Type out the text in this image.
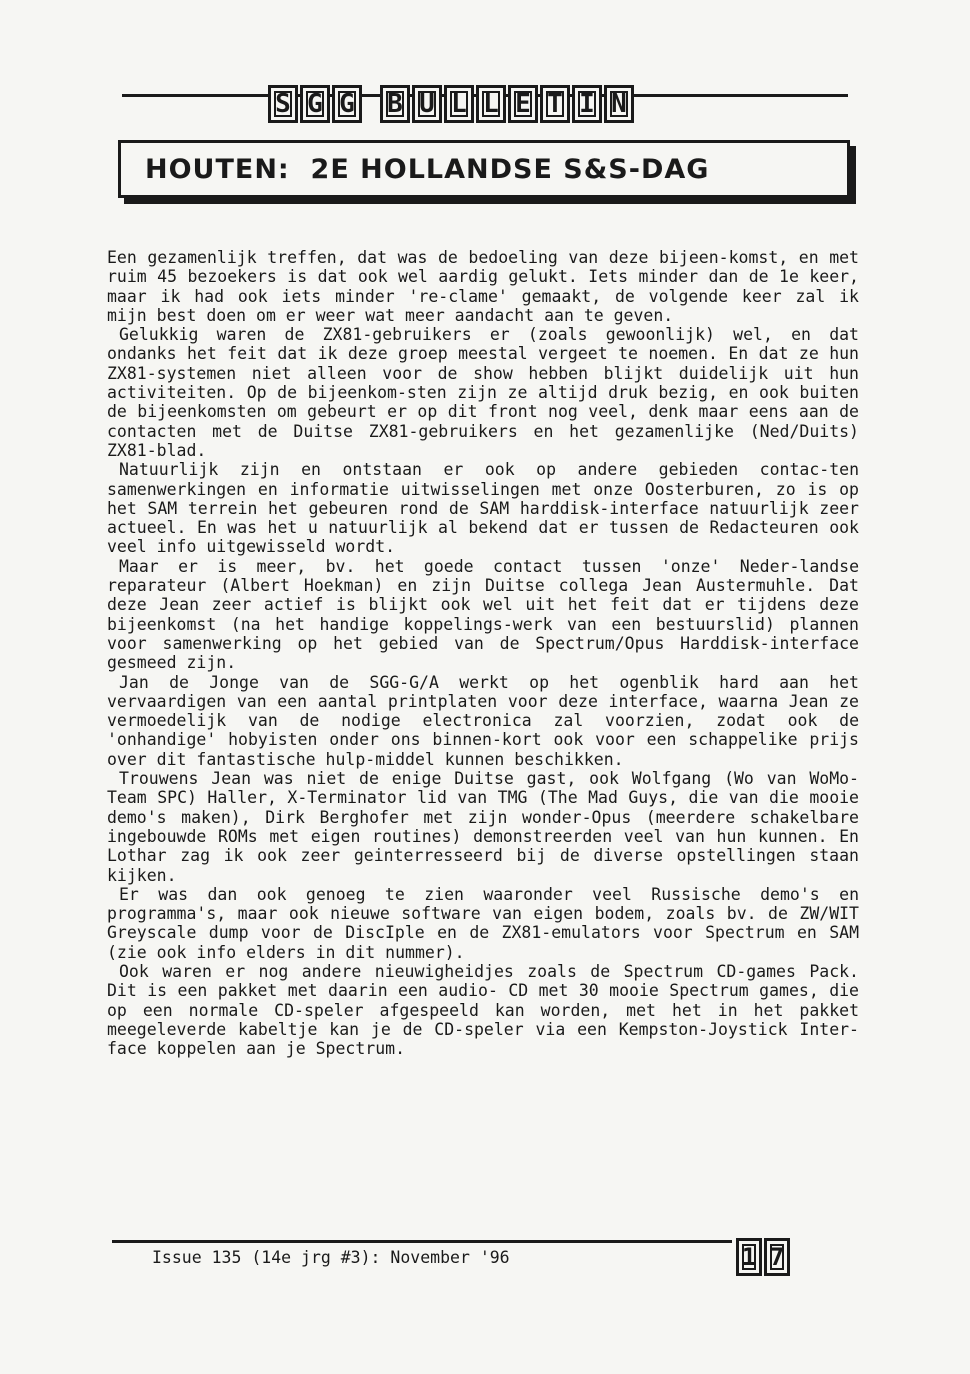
S G G B U L L E T I N
HOUTEN:  2E HOLLANDSE S&S-DAG

Een gezamenlijk treffen, dat was de bedoeling van deze bijeen-komst, en met ruim 45 bezoekers is dat ook wel aardig gelukt. Iets minder dan de 1e keer, maar ik had ook iets minder 're-clame' gemaakt, de volgende keer zal ik mijn best doen om er weer wat meer aandacht aan te geven.

Gelukkig waren de ZX81-gebruikers er (zoals gewoonlijk) wel, en dat ondanks het feit dat ik deze groep meestal vergeet te noemen. En dat ze hun ZX81-systemen niet alleen voor de show hebben blijkt duidelijk uit hun activiteiten. Op de bijeenkom-sten zijn ze altijd druk bezig, en ook buiten de bijeenkomsten om gebeurt er op dit front nog veel, denk maar eens aan de contacten met de Duitse ZX81-gebruikers en het gezamenlijke (Ned/Duits) ZX81-blad.

Natuurlijk zijn en ontstaan er ook op andere gebieden contac-ten samenwerkingen en informatie uitwisselingen met onze Oosterburen, zo is op het SAM terrein het gebeuren rond de SAM harddisk-interface natuurlijk zeer actueel. En was het u natuurlijk al bekend dat er tussen de Redacteuren ook veel info uitgewisseld wordt.

Maar er is meer, bv. het goede contact tussen 'onze' Neder-landse reparateur (Albert Hoekman) en zijn Duitse collega Jean Austermuhle. Dat deze Jean zeer actief is blijkt ook wel uit het feit dat er tijdens deze bijeenkomst (na het handige koppelings-werk van een bestuurslid) plannen voor samenwerking op het gebied van de Spectrum/Opus Harddisk-interface gesmeed zijn.

Jan de Jonge van de SGG-G/A werkt op het ogenblik hard aan het vervaardigen van een aantal printplaten voor deze interface, waarna Jean ze vermoedelijk van de nodige electronica zal voorzien, zodat ook de 'onhandige' hobyisten onder ons binnen-kort ook voor een schappelike prijs over dit fantastische hulp-middel kunnen beschikken.

Trouwens Jean was niet de enige Duitse gast, ook Wolfgang (Wo van WoMo-Team SPC) Haller, X-Terminator lid van TMG (The Mad Guys, die van die mooie demo's maken), Dirk Berghofer met zijn wonder-Opus (meerdere schakelbare ingebouwde ROMs met eigen routines) demonstreerden veel van hun kunnen. En Lothar zag ik ook zeer geinterresseerd bij de diverse opstellingen staan kijken.

Er was dan ook genoeg te zien waaronder veel Russische demo's en programma's, maar ook nieuwe software van eigen bodem, zoals bv. de ZW/WIT Greyscale dump voor de DiscIple en de ZX81-emulators voor Spectrum en SAM (zie ook info elders in dit nummer).

Ook waren er nog andere nieuwigheidjes zoals de Spectrum CD-games Pack. Dit is een pakket met daarin een audio- CD met 30 mooie Spectrum games, die op een normale CD-speler afgespeeld kan worden, met het in het pakket meegeleverde kabeltje kan je de CD-speler via een Kempston-Joystick Inter- face koppelen aan je Spectrum.

Issue 135 (14e jrg #3): November '96	1 7
